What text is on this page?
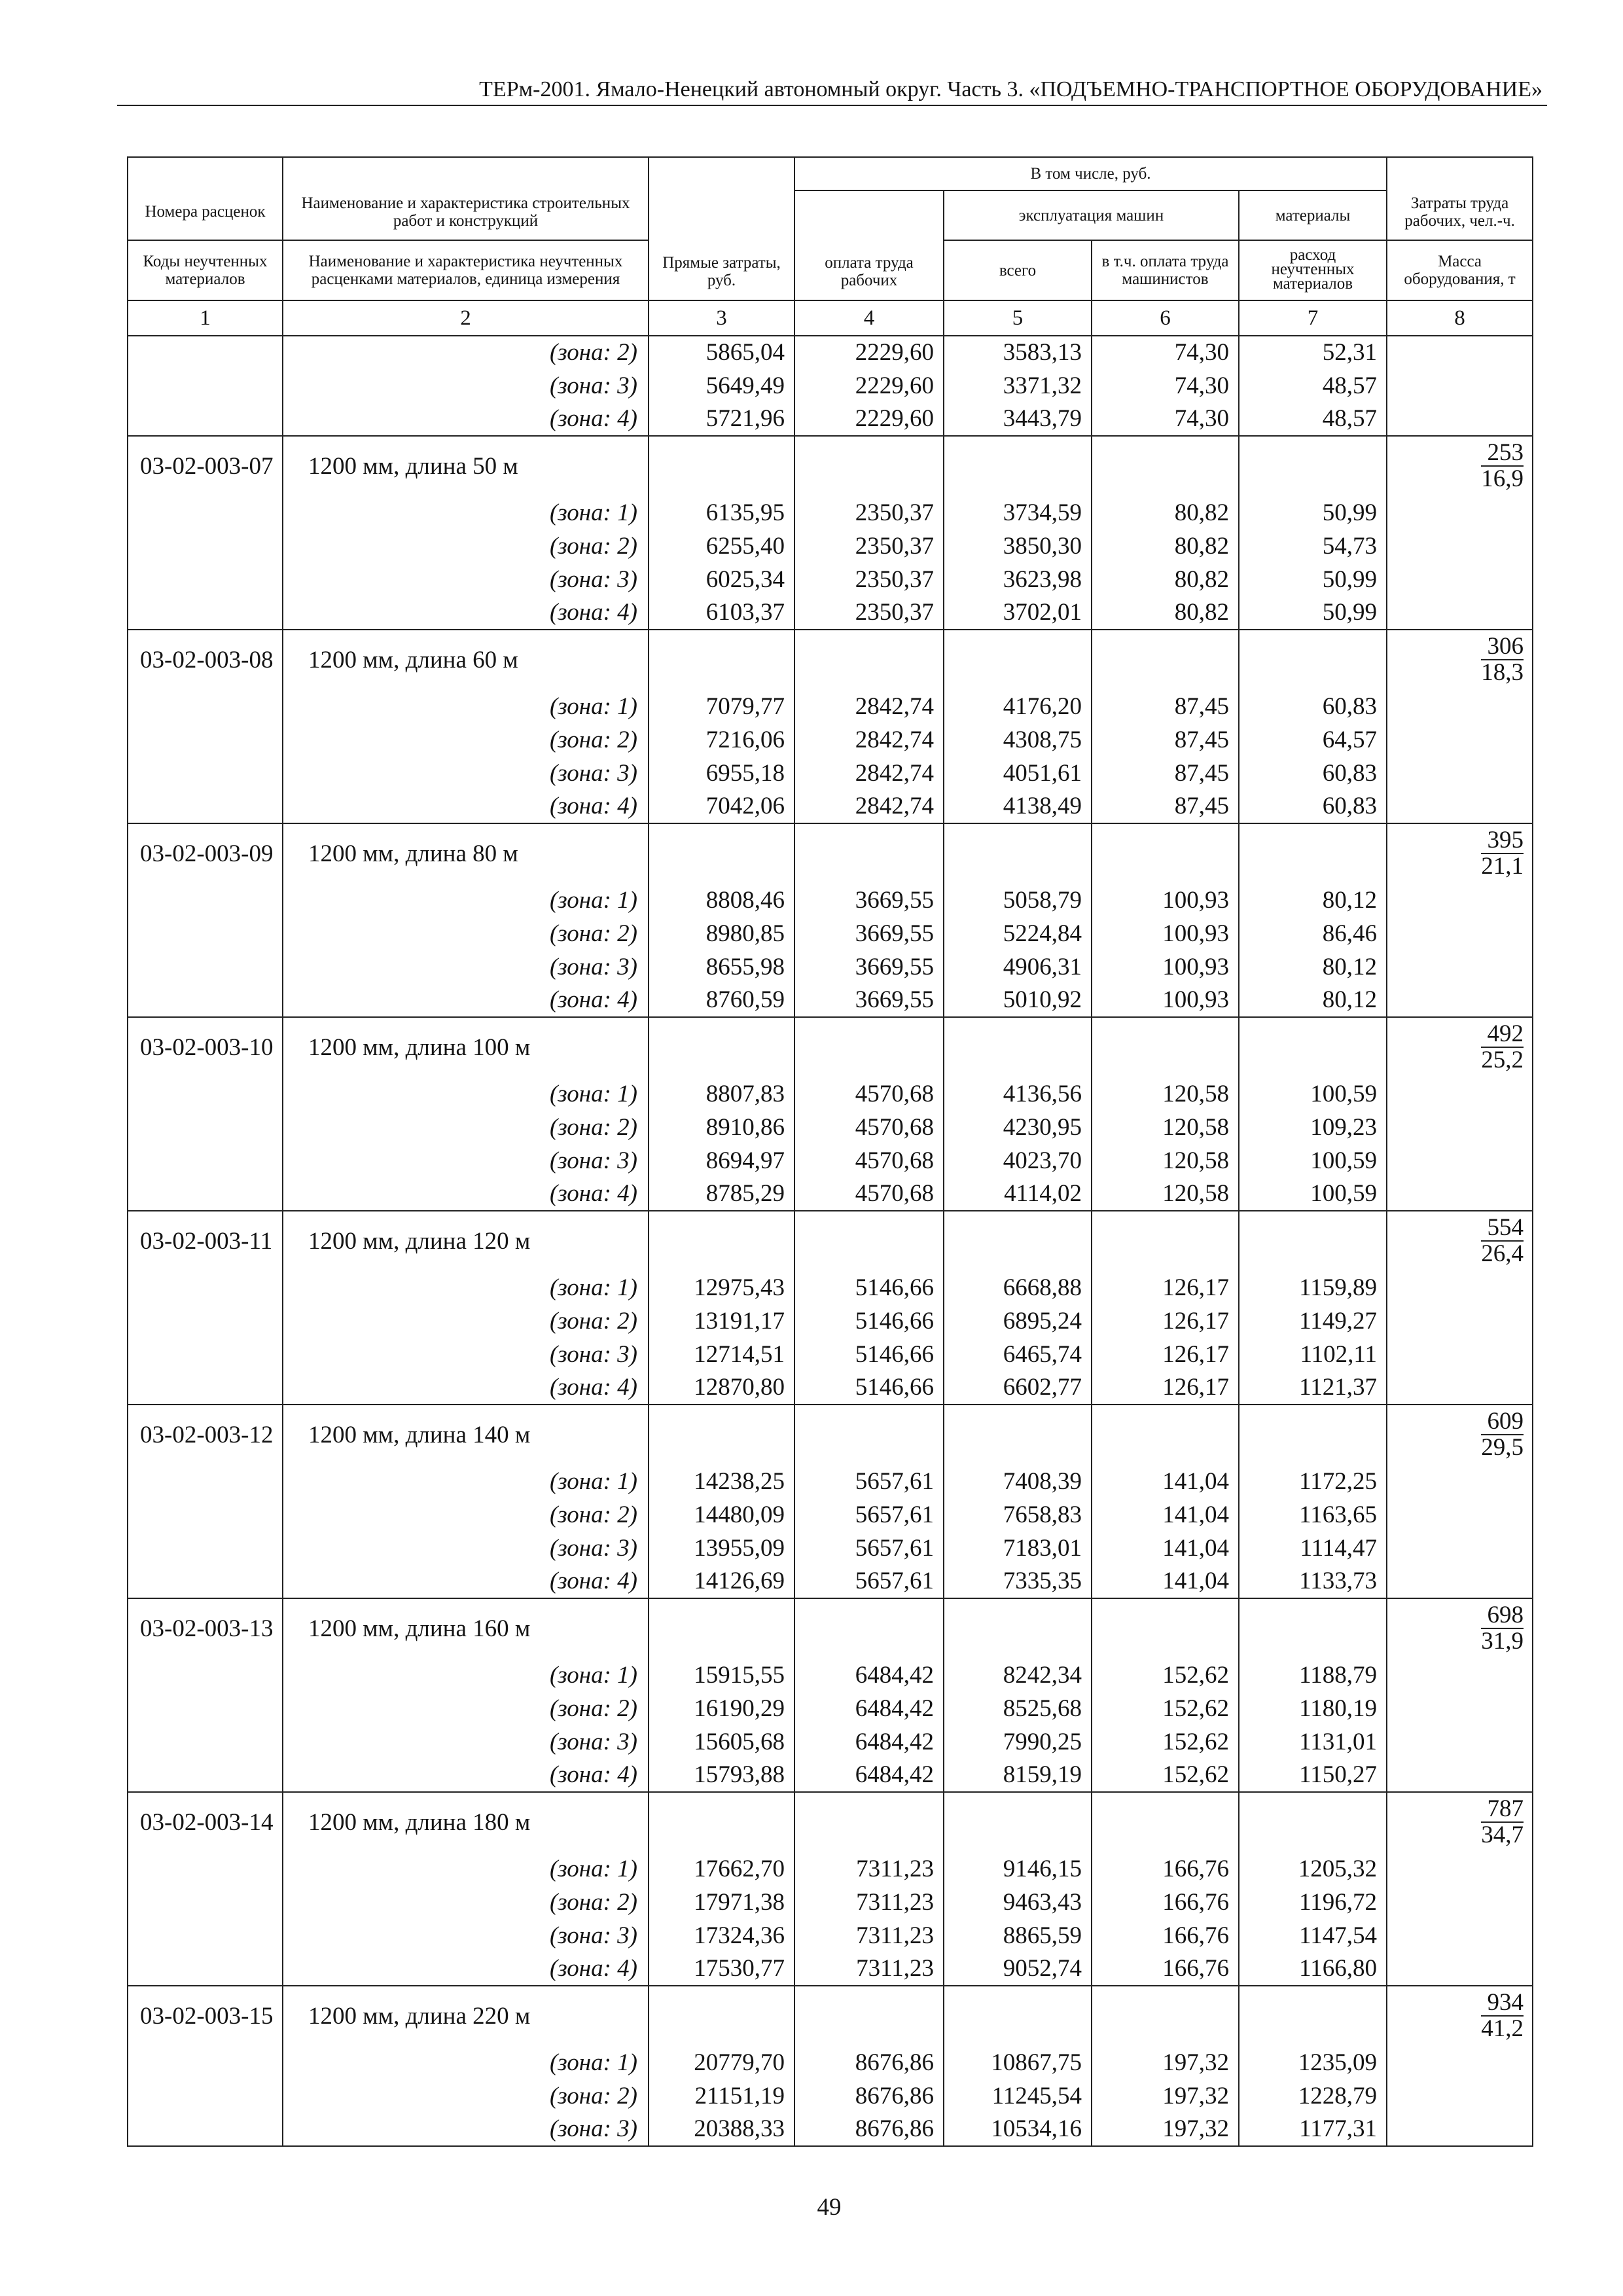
ТЕРм-2001. Ямало-Ненецкий автономный округ. Часть 3. «ПОДЪЕМНО-ТРАНСПОРТНОЕ ОБОРУДОВАНИЕ»
Номера расценок	Наименование и характеристика строительных работ и конструкций	Прямые затраты, руб.	В том числе, руб.				Затраты труда рабочих, чел.-ч.
			оплата труда рабочих	эксплуатация машин		материалы	
Коды неучтенных материалов	Наименование и характеристика неучтенных расценками материалов, единица измерения			всего	в т.ч. оплата труда машинистов	расход неучтенных материалов	Масса оборудования, т
1	2	3	4	5	6	7	8
	(зона: 2)	5865,04	2229,60	3583,13	74,30	52,31	
	(зона: 3)	5649,49	2229,60	3371,32	74,30	48,57	
	(зона: 4)	5721,96	2229,60	3443,79	74,30	48,57	
03-02-003-07	1200 мм, длина 50 м						$\frac{253}{16,9}$

	(зона: 1)	6135,95	2350,37	3734,59	80,82	50,99	
	(зона: 2)	6255,40	2350,37	3850,30	80,82	54,73	
	(зона: 3)	6025,34	2350,37	3623,98	80,82	50,99	
	(зона: 4)	6103,37	2350,37	3702,01	80,82	50,99	
03-02-003-08	1200 мм, длина 60 м						$\frac{306}{18,3}$

	(зона: 1)	7079,77	2842,74	4176,20	87,45	60,83	
	(зона: 2)	7216,06	2842,74	4308,75	87,45	64,57	
	(зона: 3)	6955,18	2842,74	4051,61	87,45	60,83	
	(зона: 4)	7042,06	2842,74	4138,49	87,45	60,83	
03-02-003-09	1200 мм, длина 80 м						$\frac{395}{21,1}$

	(зона: 1)	8808,46	3669,55	5058,79	100,93	80,12	
	(зона: 2)	8980,85	3669,55	5224,84	100,93	86,46	
	(зона: 3)	8655,98	3669,55	4906,31	100,93	80,12	
	(зона: 4)	8760,59	3669,55	5010,92	100,93	80,12	
03-02-003-10	1200 мм, длина 100 м						$\frac{492}{25,2}$

	(зона: 1)	8807,83	4570,68	4136,56	120,58	100,59	
	(зона: 2)	8910,86	4570,68	4230,95	120,58	109,23	
	(зона: 3)	8694,97	4570,68	4023,70	120,58	100,59	
	(зона: 4)	8785,29	4570,68	4114,02	120,58	100,59	
03-02-003-11	1200 мм, длина 120 м						$\frac{554}{26,4}$

	(зона: 1)	12975,43	5146,66	6668,88	126,17	1159,89	
	(зона: 2)	13191,17	5146,66	6895,24	126,17	1149,27	
	(зона: 3)	12714,51	5146,66	6465,74	126,17	1102,11	
	(зона: 4)	12870,80	5146,66	6602,77	126,17	1121,37	
03-02-003-12	1200 мм, длина 140 м						$\frac{609}{29,5}$

	(зона: 1)	14238,25	5657,61	7408,39	141,04	1172,25	
	(зона: 2)	14480,09	5657,61	7658,83	141,04	1163,65	
	(зона: 3)	13955,09	5657,61	7183,01	141,04	1114,47	
	(зона: 4)	14126,69	5657,61	7335,35	141,04	1133,73	
03-02-003-13	1200 мм, длина 160 м						$\frac{698}{31,9}$

	(зона: 1)	15915,55	6484,42	8242,34	152,62	1188,79	
	(зона: 2)	16190,29	6484,42	8525,68	152,62	1180,19	
	(зона: 3)	15605,68	6484,42	7990,25	152,62	1131,01	
	(зона: 4)	15793,88	6484,42	8159,19	152,62	1150,27	
03-02-003-14	1200 мм, длина 180 м						$\frac{787}{34,7}$

	(зона: 1)	17662,70	7311,23	9146,15	166,76	1205,32	
	(зона: 2)	17971,38	7311,23	9463,43	166,76	1196,72	
	(зона: 3)	17324,36	7311,23	8865,59	166,76	1147,54	
	(зона: 4)	17530,77	7311,23	9052,74	166,76	1166,80	
03-02-003-15	1200 мм, длина 220 м						$\frac{934}{41,2}$

	(зона: 1)	20779,70	8676,86	10867,75	197,32	1235,09	
	(зона: 2)	21151,19	8676,86	11245,54	197,32	1228,79	
	(зона: 3)	20388,33	8676,86	10534,16	197,32	1177,31	
49
